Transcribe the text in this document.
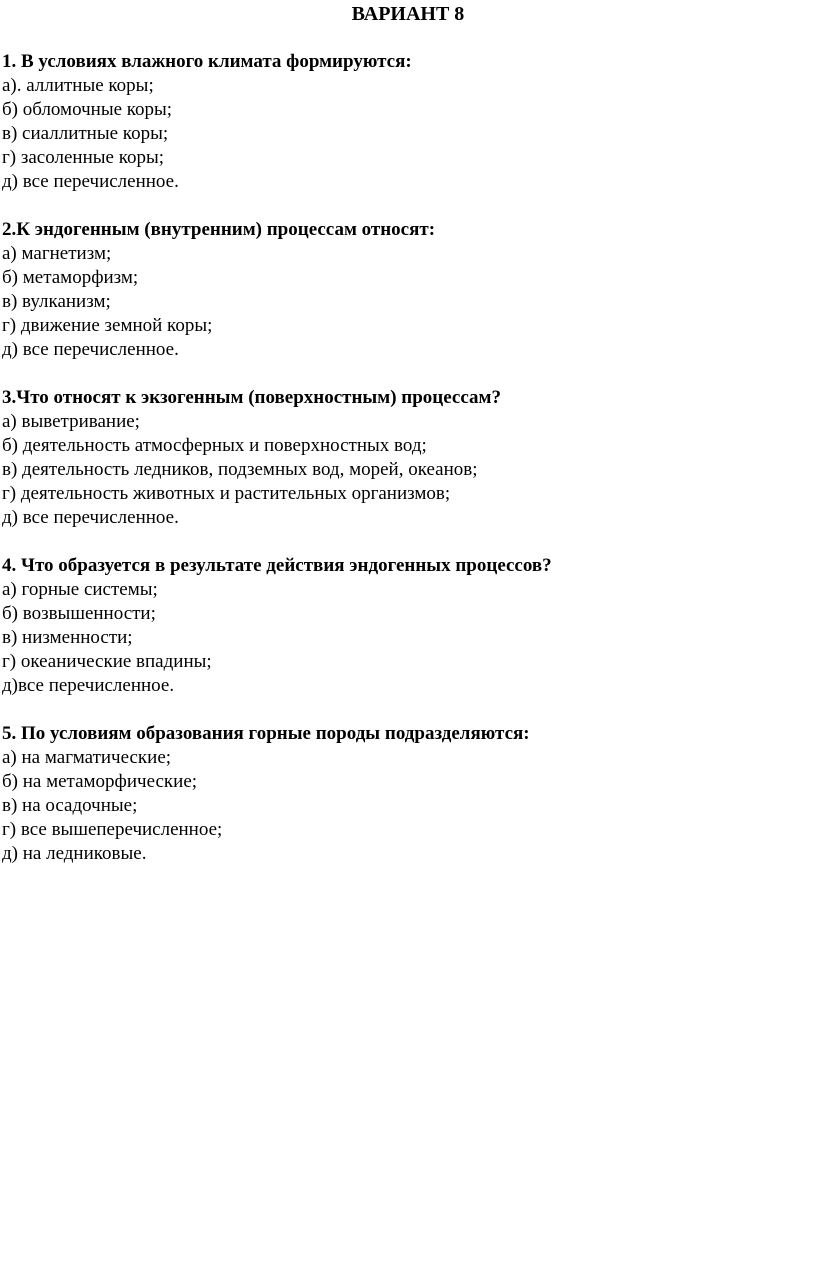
ВАРИАНТ 8
1. В условиях влажного климата формируются:
а). аллитные коры;
б) обломочные коры;
в) сиаллитные коры;
г) засоленные коры;
д) все перечисленное.
2.К эндогенным (внутренним) процессам относят:
а) магнетизм;
б) метаморфизм;
в) вулканизм;
г) движение земной коры;
д) все перечисленное.
3.Что относят к экзогенным (поверхностным) процессам?
а) выветривание;
б) деятельность атмосферных и поверхностных вод;
в) деятельность ледников, подземных вод, морей, океанов;
г) деятельность животных и растительных организмов;
д) все перечисленное.
4. Что образуется в результате действия эндогенных процессов?
а) горные системы;
б) возвышенности;
в) низменности;
г) океанические впадины;
д)все перечисленное.
5. По условиям образования горные породы подразделяются:
а) на магматические;
б) на метаморфические;
в) на осадочные;
г) все вышеперечисленное;
д) на ледниковые.
